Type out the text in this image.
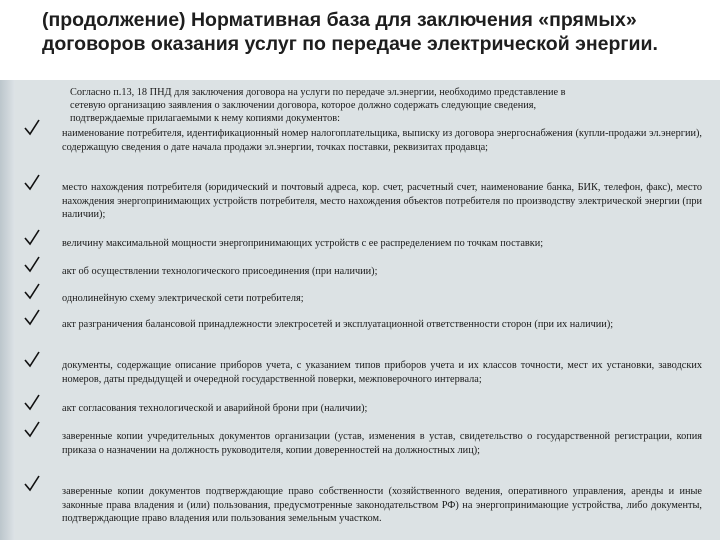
(продолжение) Нормативная база для заключения «прямых»
договоров оказания услуг по передаче электрической энергии.

Согласно п.13, 18 ПНД для заключения договора на услуги по передаче эл.энергии, необходимо представление в
сетевую организацию заявления о заключении договора, которое должно содержать следующие сведения,
подтверждаемые прилагаемыми к нему копиями документов:

наименование потребителя, идентификационный номер налогоплательщика, выписку из договора энергоснабжения (купли-продажи эл.энергии), содержащую сведения о дате начала продажи эл.энергии, точках поставки, реквизитах продавца;

место нахождения потребителя (юридический и почтовый адреса, кор. счет, расчетный счет, наименование банка, БИК, телефон, факс), место нахождения энергопринимающих устройств потребителя, место нахождения объектов потребителя по производству электрической энергии (при наличии);

величину максимальной мощности энергопринимающих устройств с ее распределением по точкам поставки;

акт об осуществлении технологического присоединения (при наличии);

однолинейную схему электрической сети потребителя;

акт разграничения балансовой принадлежности электросетей и эксплуатационной ответственности сторон (при их наличии);

документы, содержащие описание приборов учета, с указанием типов приборов учета и их классов точности, мест их установки, заводских номеров, даты предыдущей и очередной государственной поверки, межповерочного интервала;

акт согласования технологической и аварийной брони при (наличии);

заверенные копии учредительных документов организации (устав, изменения в устав, свидетельство о государственной регистрации, копия приказа о назначении на должность руководителя, копии доверенностей на должностных лиц);

заверенные копии документов подтверждающие право собственности (хозяйственного ведения, оперативного управления, аренды и иные законные права владения и (или) пользования, предусмотренные законодательством РФ) на энергопринимающие устройства, либо документы, подтверждающие право владения или пользования земельным участком.
